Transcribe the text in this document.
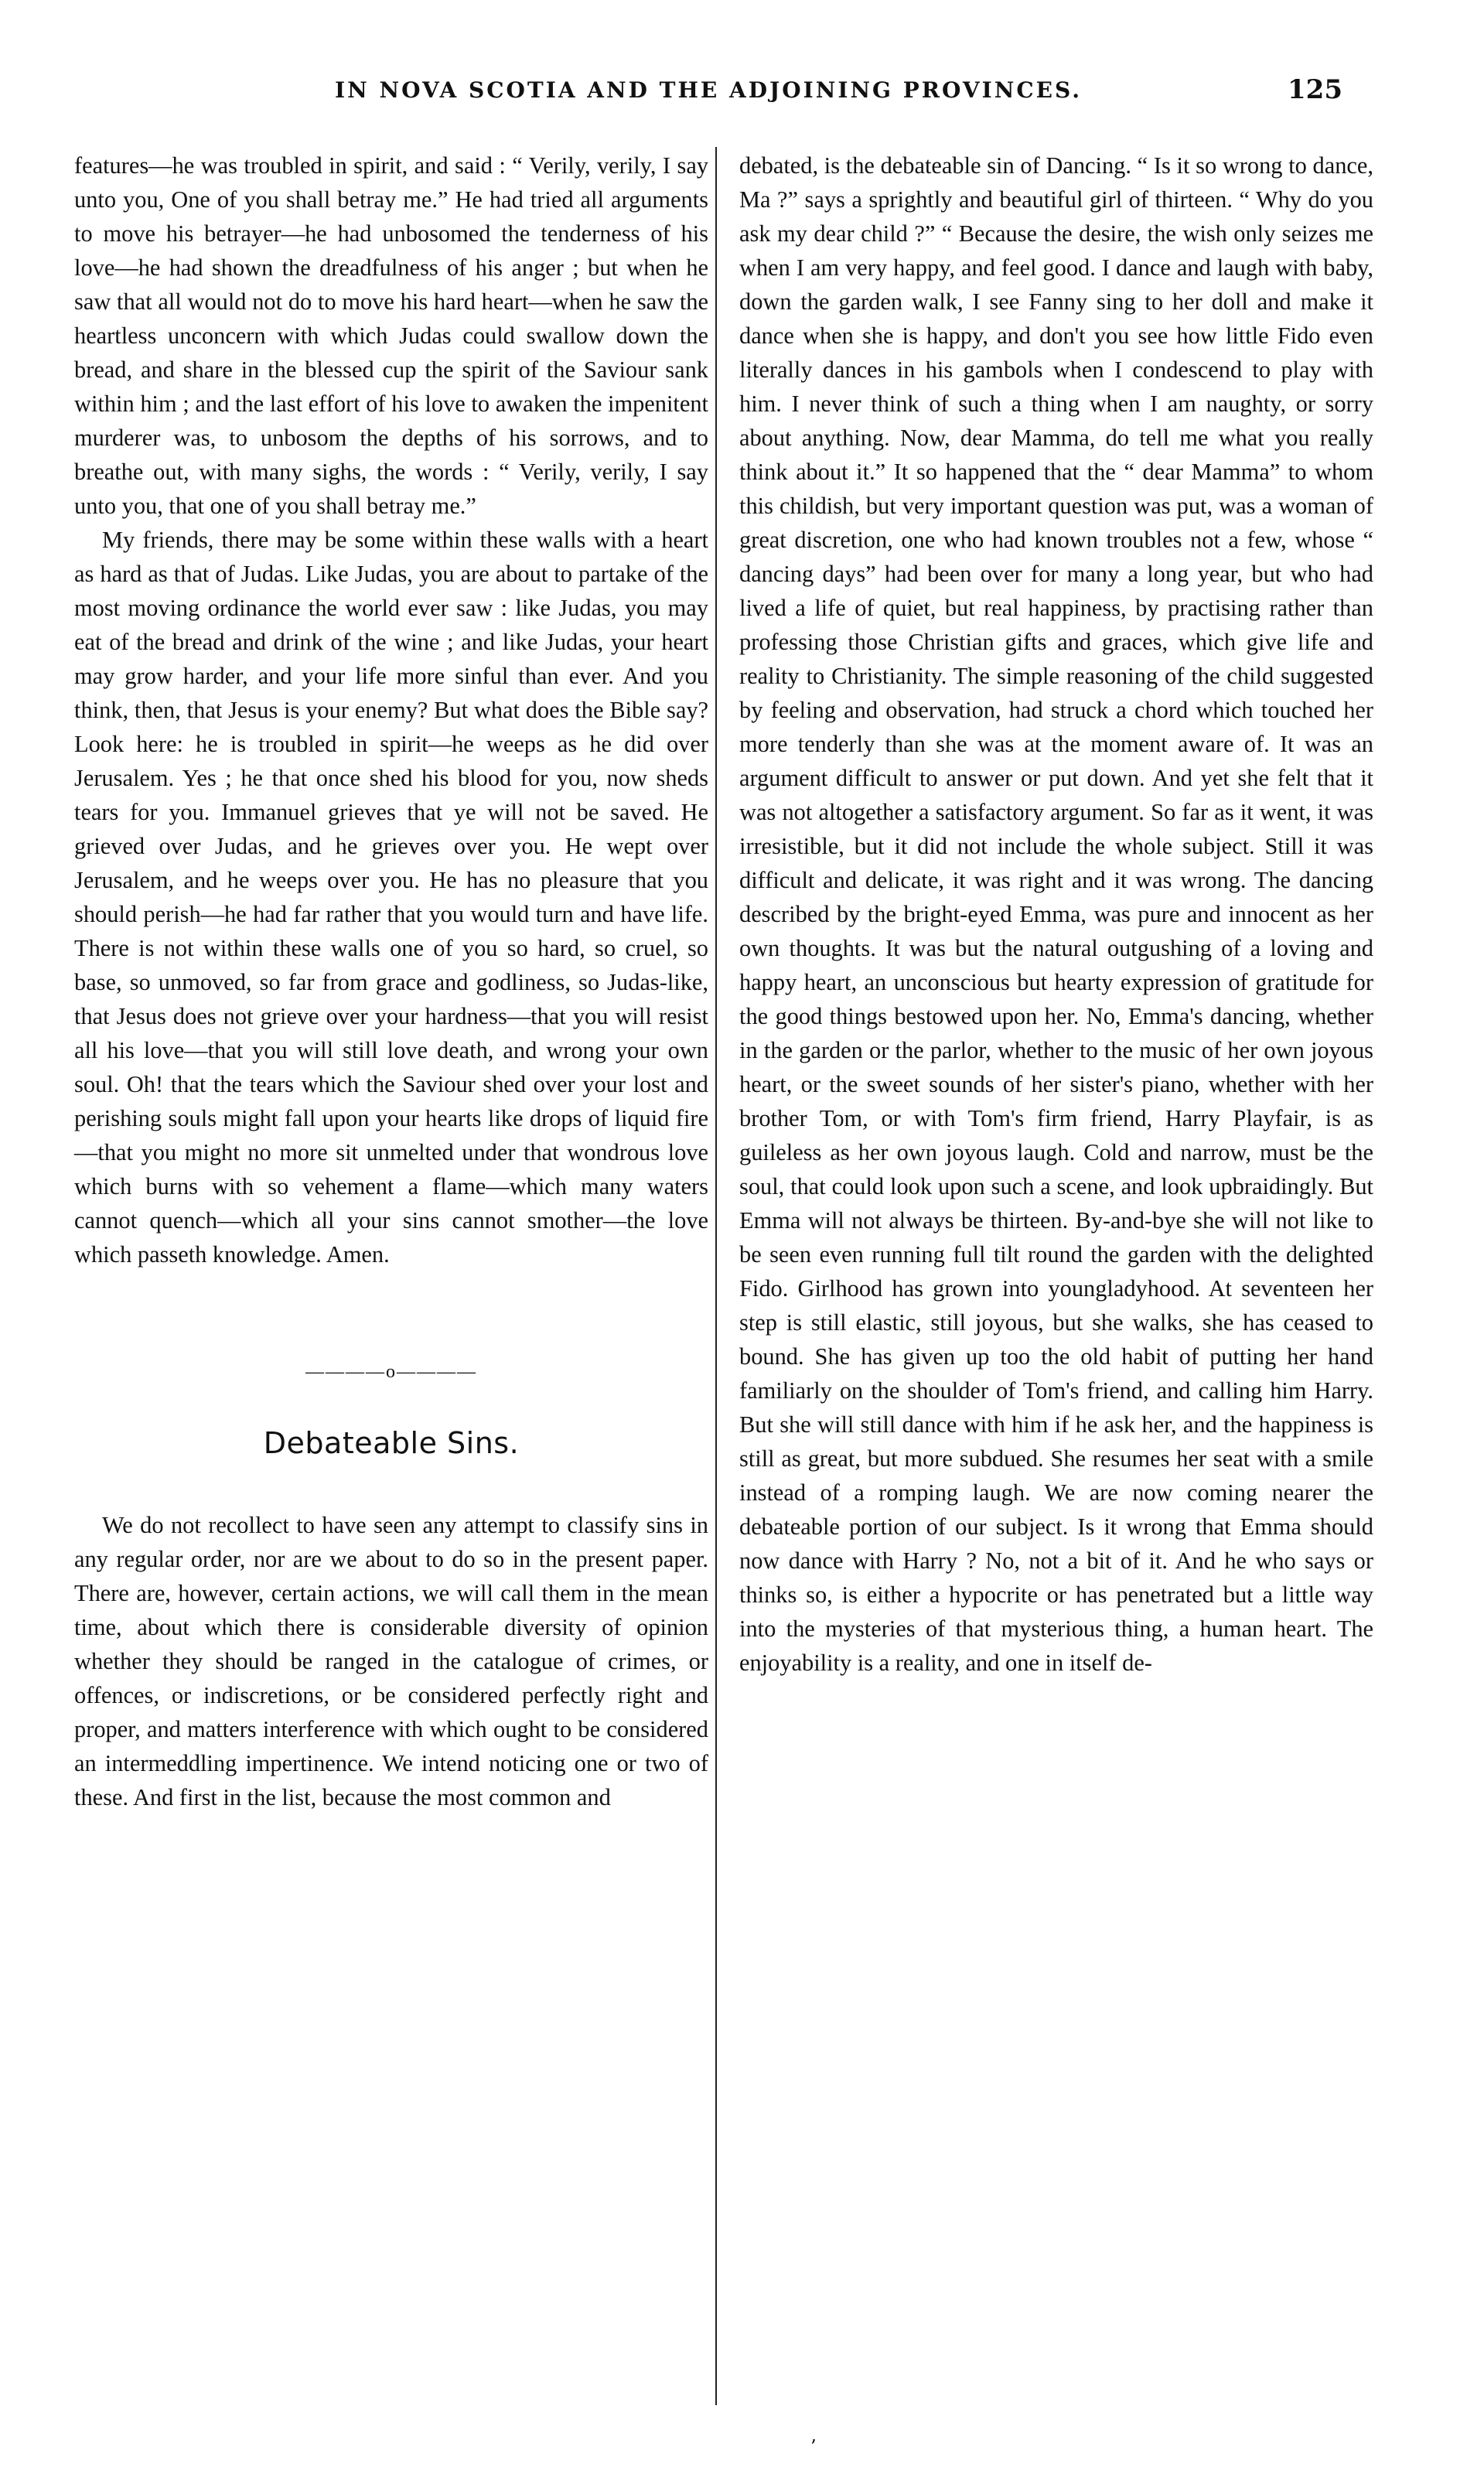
IN NOVA SCOTIA AND THE ADJOINING PROVINCES.	125

features—he was troubled in spirit, and said : “ Verily, verily, I say unto you, One of you shall betray me.” He had tried all arguments to move his betrayer—he had unbosomed the tenderness of his love—he had shown the dreadfulness of his anger ; but when he saw that all would not do to move his hard heart—when he saw the heartless unconcern with which Judas could swallow down the bread, and share in the blessed cup the spirit of the Saviour sank within him ; and the last effort of his love to awaken the impenitent murderer was, to unbosom the depths of his sorrows, and to breathe out, with many sighs, the words : “ Verily, verily, I say unto you, that one of you shall betray me.”

My friends, there may be some within these walls with a heart as hard as that of Judas. Like Judas, you are about to partake of the most moving ordinance the world ever saw : like Judas, you may eat of the bread and drink of the wine ; and like Judas, your heart may grow harder, and your life more sinful than ever. And you think, then, that Jesus is your enemy? But what does the Bible say? Look here: he is troubled in spirit—he weeps as he did over Jerusalem. Yes ; he that once shed his blood for you, now sheds tears for you. Immanuel grieves that ye will not be saved. He grieved over Judas, and he grieves over you. He wept over Jerusalem, and he weeps over you. He has no pleasure that you should perish—he had far rather that you would turn and have life. There is not within these walls one of you so hard, so cruel, so base, so unmoved, so far from grace and godliness, so Judas-like, that Jesus does not grieve over your hardness—that you will resist all his love—that you will still love death, and wrong your own soul. Oh! that the tears which the Saviour shed over your lost and perishing souls might fall upon your hearts like drops of liquid fire—that you might no more sit unmelted under that wondrous love which burns with so vehement a flame—which many waters cannot quench—which all your sins cannot smother—the love which passeth knowledge. Amen.

————o————
Debateable Sins.

We do not recollect to have seen any attempt to classify sins in any regular order, nor are we about to do so in the present paper. There are, however, certain actions, we will call them in the mean time, about which there is considerable diversity of opinion whether they should be ranged in the catalogue of crimes, or offences, or indiscretions, or be considered perfectly right and proper, and matters interference with which ought to be considered an intermeddling impertinence. We intend noticing one or two of these. And first in the list, because the most common and

debated, is the debateable sin of Dancing. “ Is it so wrong to dance, Ma ?” says a sprightly and beautiful girl of thirteen. “ Why do you ask my dear child ?” “ Because the desire, the wish only seizes me when I am very happy, and feel good. I dance and laugh with baby, down the garden walk, I see Fanny sing to her doll and make it dance when she is happy, and don't you see how little Fido even literally dances in his gambols when I condescend to play with him. I never think of such a thing when I am naughty, or sorry about anything. Now, dear Mamma, do tell me what you really think about it.” It so happened that the “ dear Mamma” to whom this childish, but very important question was put, was a woman of great discretion, one who had known troubles not a few, whose “ dancing days” had been over for many a long year, but who had lived a life of quiet, but real happiness, by practising rather than professing those Christian gifts and graces, which give life and reality to Christianity. The simple reasoning of the child suggested by feeling and observation, had struck a chord which touched her more tenderly than she was at the moment aware of. It was an argument difficult to answer or put down. And yet she felt that it was not altogether a satisfactory argument. So far as it went, it was irresistible, but it did not include the whole subject. Still it was difficult and delicate, it was right and it was wrong. The dancing described by the bright-eyed Emma, was pure and innocent as her own thoughts. It was but the natural outgushing of a loving and happy heart, an unconscious but hearty expression of gratitude for the good things bestowed upon her. No, Emma's dancing, whether in the garden or the parlor, whether to the music of her own joyous heart, or the sweet sounds of her sister's piano, whether with her brother Tom, or with Tom's firm friend, Harry Playfair, is as guileless as her own joyous laugh. Cold and narrow, must be the soul, that could look upon such a scene, and look upbraidingly. But Emma will not always be thirteen. By-and-bye she will not like to be seen even running full tilt round the garden with the delighted Fido. Girlhood has grown into youngladyhood. At seventeen her step is still elastic, still joyous, but she walks, she has ceased to bound. She has given up too the old habit of putting her hand familiarly on the shoulder of Tom's friend, and calling him Harry. But she will still dance with him if he ask her, and the happiness is still as great, but more subdued. She resumes her seat with a smile instead of a romping laugh. We are now coming nearer the debateable portion of our subject. Is it wrong that Emma should now dance with Harry ? No, not a bit of it. And he who says or thinks so, is either a hypocrite or has penetrated but a little way into the mysteries of that mysterious thing, a human heart. The enjoyability is a reality, and one in itself de-

’
